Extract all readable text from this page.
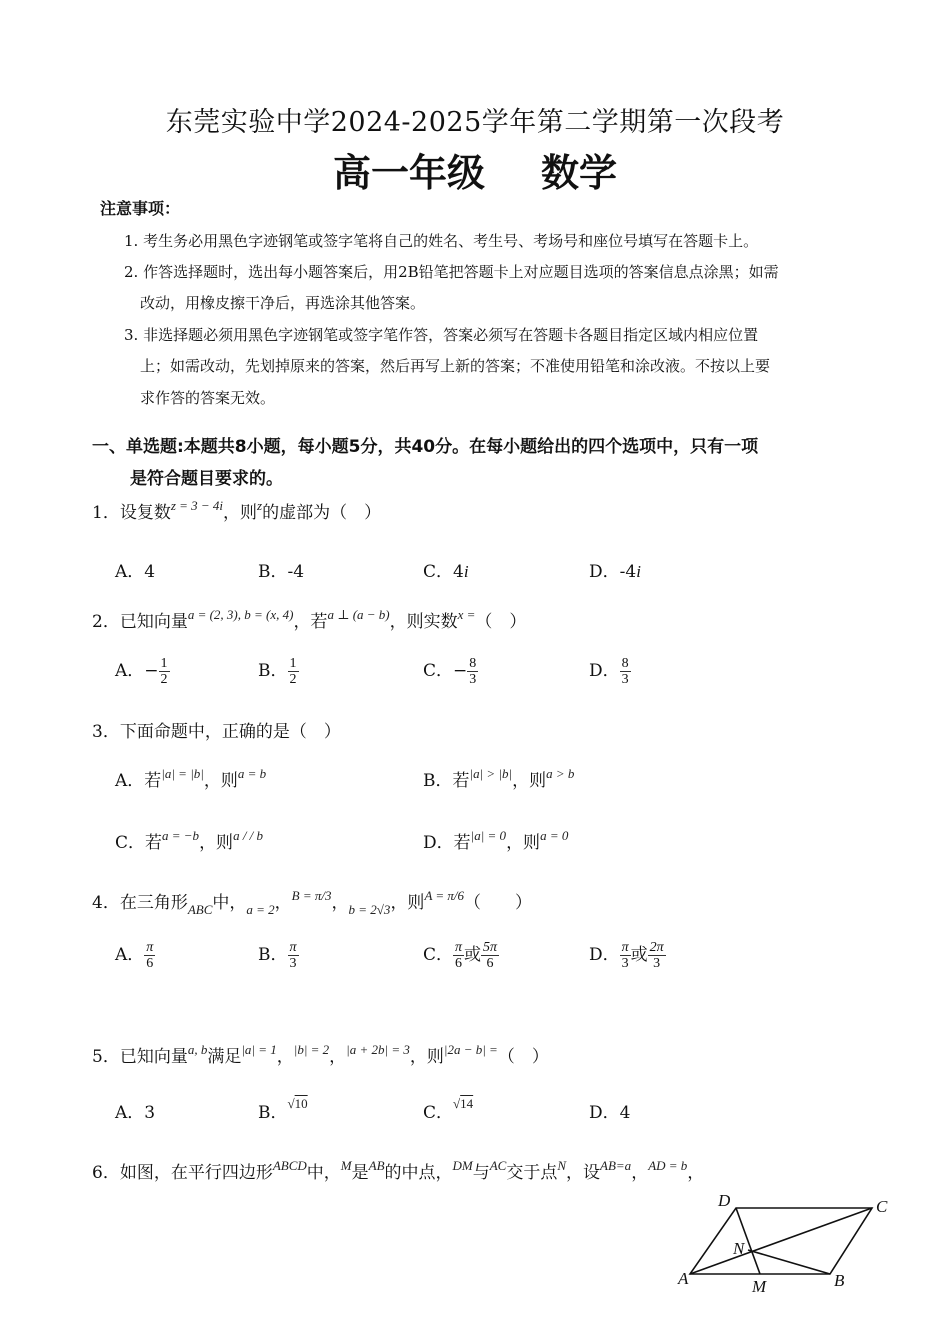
东莞实验中学2024-2025学年第二学期第一次段考
高一年级 数学
注意事项：
1. 考生务必用黑色字迹钢笔或签字笔将自己的姓名、考生号、考场号和座位号填写在答题卡上。
2. 作答选择题时，选出每小题答案后，用2B铅笔把答题卡上对应题目选项的答案信息点涂黑；如需
改动，用橡皮擦干净后，再选涂其他答案。
3. 非选择题必须用黑色字迹钢笔或签字笔作答，答案必须写在答题卡各题目指定区域内相应位置
上；如需改动，先划掉原来的答案，然后再写上新的答案；不准使用铅笔和涂改液。不按以上要
求作答的答案无效。
一、单选题:本题共8小题，每小题5分，共40分。在每小题给出的四个选项中，只有一项
是符合题目要求的。
1．设复数$^{z = 3 - 4i}$，则$^z$的虚部为（　）
A．4	B．-4	C．4i	D．-4i
2．已知向量$^{a = (2, 3), b = (x, 4)}$，若$^{a \perp (a - b)}$，则实数$^{x =}$（　）
A．− $\frac{1}{2}$	B． $\frac{1}{2}$	C．− $\frac{8}{3}$	D． $\frac{8}{3}$
3．下面命题中，正确的是（　）
A．若$^{|a| = |b|}$，则$^{a = b}$	B．若$^{|a| > |b|}$，则$^{a > b}$
C．若$^{a = -b}$，则$^{a / / b}$	D．若$^{|a| = 0}$，则$^{a = 0}$
4．在三角形$_{ABC}$中，$_{a = 2}$，$^{B = \pi/3}$，$_{b = 2√3}$，则$^{A = \pi/6}$（　　）
A． $\frac{\pi}{6}$	B． $\frac{\pi}{3}$	C． $\frac{\pi}{6}$ 或 $\frac{5\pi}{6}$	D． $\frac{\pi}{3}$ 或 $\frac{2\pi}{3}$
5．已知向量$^{a, b}$满足$^{|a| = 1}$，$^{|b| = 2}$，$^{|a + 2b| = 3}$，则$^{|2a - b| =}$（　）
A．3	B．$^{√10}$	C．$^{√14}$	D．4
6．如图，在平行四边形$^{ABCD}$中，$^M$是$^{AB}$的中点，$^{DM}$与$^{AC}$交于点$^N$，设$^{AB=a}$，$^{AD = b}$，
D	C
N
A	M	B
